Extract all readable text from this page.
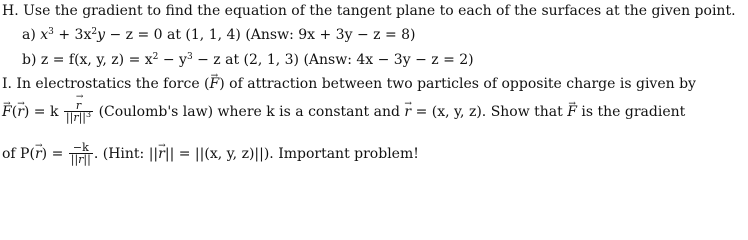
H. Use the gradient to find the equation of the tangent plane to each of the surfaces at the given point.
a) $x^3 + 3x^2y - z = 0$ at (1, 1, 4) (Answ: 9x + 3y − z = 8)
b) z = f(x, y, $z) = x^2 - y^3 - z$ at (2, 1, 3) (Answ: 4x − 3y − z = 2)
I. In electrostatics the force (→ F) of attraction between two particles of opposite charge is given by
→ F(→ r) = k
→ $\frac{r}{||r||^3}$ (Coulomb's law) where k is a constant and → r = (x, y, z). Show that → F is the gradient
of $P(\to r) = \frac{-k}{||r||}$ . (Hint: ||→ r|| = ||(x, y, z)||). Important problem!
